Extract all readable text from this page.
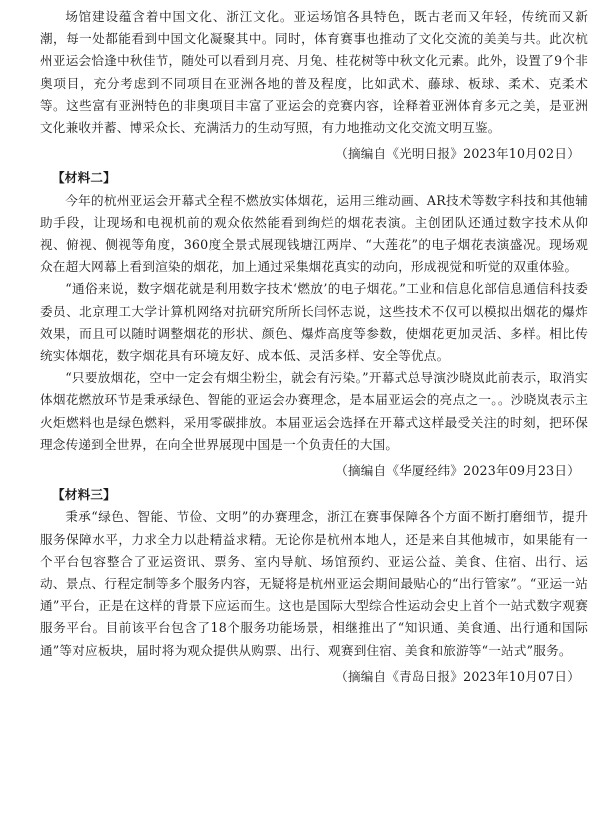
场馆建设蕴含着中国文化、浙江文化。亚运场馆各具特色，既古老而又年轻，传统而又新潮，每一处都能看到中国文化凝聚其中。同时，体育赛事也推动了文化交流的美美与共。此次杭州亚运会恰逢中秋佳节，随处可以看到月亮、月兔、桂花树等中秋文化元素。此外，设置了9个非奥项目，充分考虑到不同项目在亚洲各地的普及程度，比如武术、藤球、板球、柔术、克柔术等。这些富有亚洲特色的非奥项目丰富了亚运会的竞赛内容，诠释着亚洲体育多元之美，是亚洲文化兼收并蓄、博采众长、充满活力的生动写照，有力地推动文化交流文明互鉴。

（摘编自《光明日报》2023年10月02日）

【材料二】

今年的杭州亚运会开幕式全程不燃放实体烟花，运用三维动画、AR技术等数字科技和其他辅助手段，让现场和电视机前的观众依然能看到绚烂的烟花表演。主创团队还通过数字技术从仰视、俯视、侧视等角度，360度全景式展现钱塘江两岸、“大莲花”的电子烟花表演盛况。现场观众在超大网幕上看到渲染的烟花，加上通过采集烟花真实的动向，形成视觉和听觉的双重体验。

“通俗来说，数字烟花就是利用数字技术‘燃放’的电子烟花。”工业和信息化部信息通信科技委委员、北京理工大学计算机网络对抗研究所所长闫怀志说，这些技术不仅可以模拟出烟花的爆炸效果，而且可以随时调整烟花的形状、颜色、爆炸高度等参数，使烟花更加灵活、多样。相比传统实体烟花，数字烟花具有环境友好、成本低、灵活多样、安全等优点。

“只要放烟花，空中一定会有烟尘粉尘，就会有污染。”开幕式总导演沙晓岚此前表示，取消实体烟花燃放环节是秉承绿色、智能的亚运会办赛理念，是本届亚运会的亮点之一。。沙晓岚表示主火炬燃料也是绿色燃料，采用零碳排放。本届亚运会选择在开幕式这样最受关注的时刻，把环保理念传递到全世界，在向全世界展现中国是一个负责任的大国。

（摘编自《华厦经纬》2023年09月23日）

【材料三】

秉承“绿色、智能、节俭、文明”的办赛理念，浙江在赛事保障各个方面不断打磨细节，提升服务保障水平，力求全力以赴精益求精。无论你是杭州本地人，还是来自其他城市，如果能有一个平台包容整合了亚运资讯、票务、室内导航、场馆预约、亚运公益、美食、住宿、出行、运动、景点、行程定制等多个服务内容，无疑将是杭州亚运会期间最贴心的“出行管家”。“亚运一站通”平台，正是在这样的背景下应运而生。这也是国际大型综合性运动会史上首个一站式数字观赛服务平台。目前该平台包含了18个服务功能场景，相继推出了“知识通、美食通、出行通和国际通”等对应板块，届时将为观众提供从购票、出行、观赛到住宿、美食和旅游等“一站式”服务。

（摘编自《青岛日报》2023年10月07日）
